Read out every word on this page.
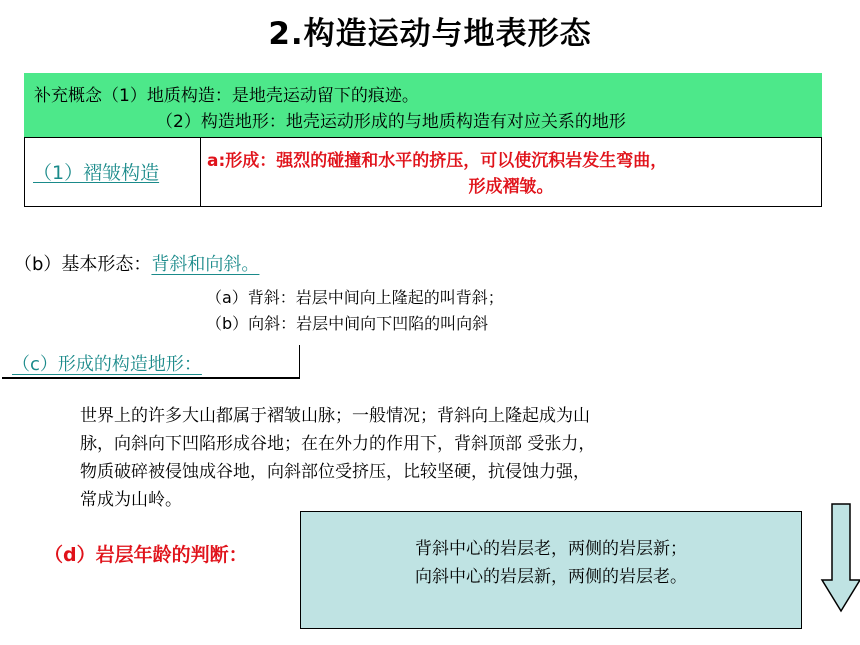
2.构造运动与地表形态
补充概念（1）地质构造：是地壳运动留下的痕迹。
（2）构造地形：地壳运动形成的与地质构造有对应关系的地形
（1）褶皱构造
a:形成：强烈的碰撞和水平的挤压，可以使沉积岩发生弯曲，
形成褶皱。
（b）基本形态：背斜和向斜。
（a）背斜：岩层中间向上隆起的叫背斜；
（b）向斜：岩层中间向下凹陷的叫向斜
（c）形成的构造地形：
世界上的许多大山都属于褶皱山脉；一般情况；背斜向上隆起成为山
脉，向斜向下凹陷形成谷地；在在外力的作用下，背斜顶部 受张力，
物质破碎被侵蚀成谷地，向斜部位受挤压，比较坚硬，抗侵蚀力强，
常成为山岭。
（d）岩层年龄的判断：	背斜中心的岩层老，两侧的岩层新；
向斜中心的岩层新，两侧的岩层老。
